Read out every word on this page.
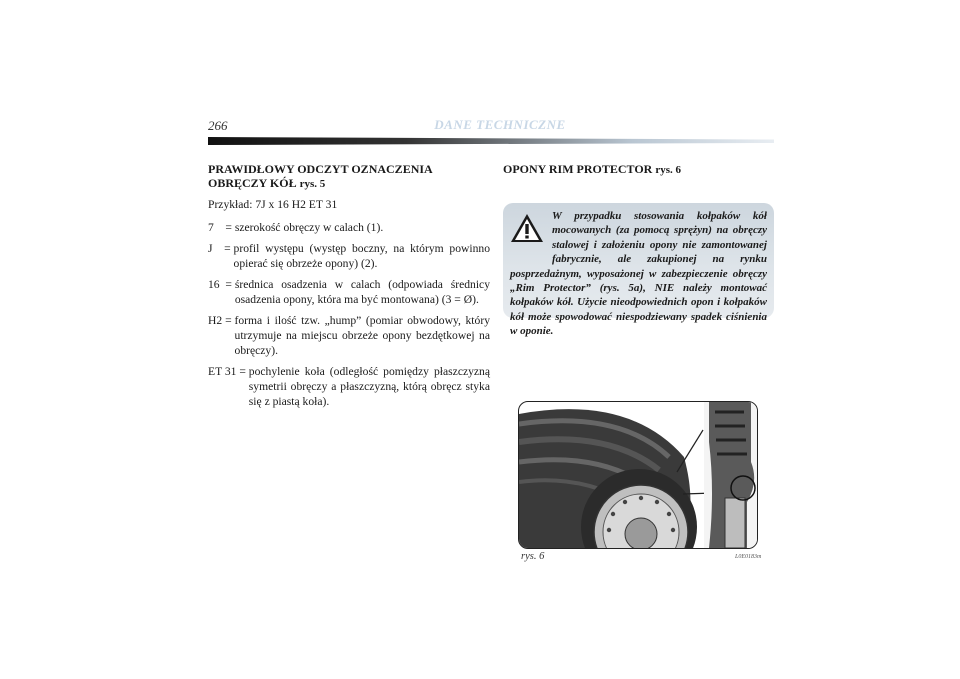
266	DANE TECHNICZNE
PRAWIDŁOWY ODCZYT OZNACZENIA OBRĘCZY KÓŁ rys. 5
Przykład: 7J x 16 H2 ET 31
7    = szerokość obręczy w calach (1).
J    = profil występu (występ boczny, na którym powinno opierać się obrzeże opony) (2).
16  = średnica osadzenia w calach (odpowiada średnicy osadzenia opony, która ma być montowana) (3 = Ø).
H2 = forma i ilość tzw. „hump” (pomiar obwodowy, który utrzymuje na miejscu obrzeże opony bezdętkowej na obręczy).
ET 31 = pochylenie koła (odległość pomiędzy płaszczyzną symetrii obręczy a płaszczyzną, którą obręcz styka się z piastą koła).
OPONY RIM PROTECTOR rys. 6
W przypadku stosowania kołpaków kół mocowanych (za pomocą sprężyn) na obręczy stalowej i założeniu opony nie zamontowanej fabrycznie, ale zakupionej na rynku posprzedażnym, wyposażonej w zabezpieczenie obręczy „Rim Protector” (rys. 5a), NIE należy montować kołpaków kół. Użycie nieodpowiednich opon i kołpaków kół może spowodować niespodziewany spadek ciśnienia w oponie.
rys. 6	L0E0183m
